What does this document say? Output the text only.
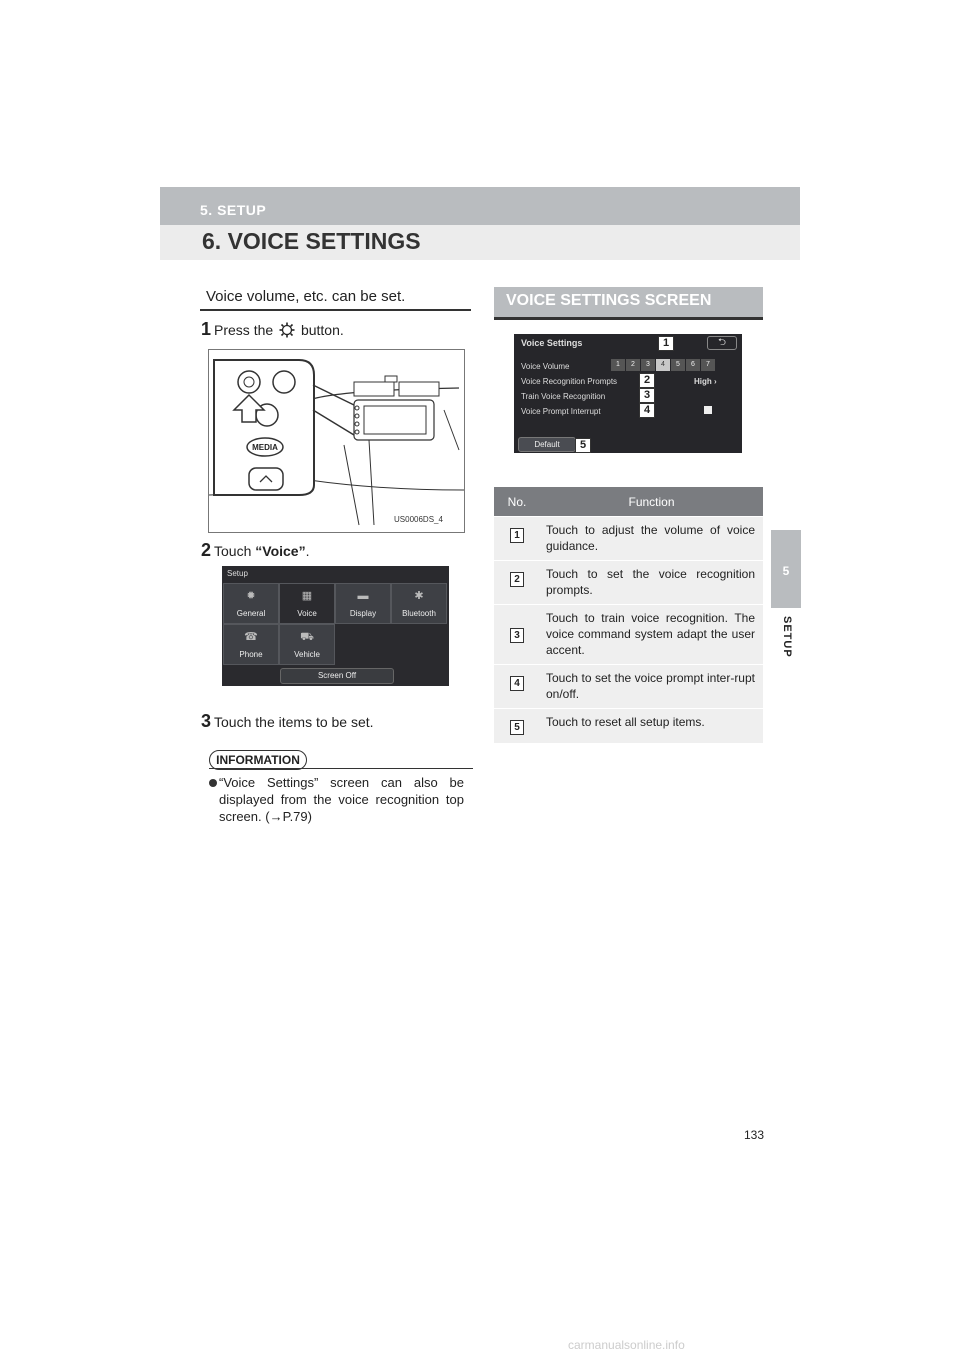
5. SETUP
6. VOICE SETTINGS
5
SETUP
Voice volume, etc. can be set.
1 Press the button.
MEDIA
US0006DS_4
2 Touch “Voice”.
Setup
✹
General
▦
Voice
▬
Display
✱
Bluetooth
☎
Phone
⛟
Vehicle
Screen Off
3 Touch the items to be set.
INFORMATION

“Voice Settings” screen can also be displayed from the voice recognition top screen. (→P.79)

VOICE SETTINGS SCREEN
Voice Settings	⮌
Voice Volume
Voice Recognition Prompts
Train Voice Recognition
Voice Prompt Interrupt
1	2	3	4	5	6	7
High ›
Default
1
2
3
4
5
No.	Function

1	Touch to adjust the volume of voice guidance.

2	Touch to set the voice recognition prompts.

3	Touch to train voice recognition. The voice command system adapt the user accent.

4	Touch to set the voice prompt inter-rupt on/off.

5	Touch to reset all setup items.
133
carmanualsonline.info
